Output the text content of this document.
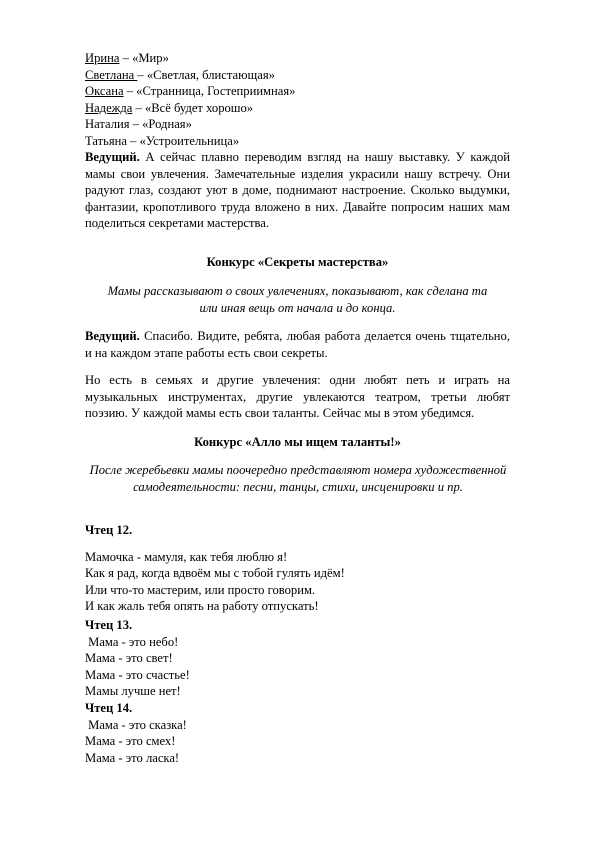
Ирина – «Мир»
Светлана – «Светлая, блистающая»
Оксана – «Странница, Гостеприимная»
Надежда – «Всё будет хорошо»
Наталия – «Родная»
Татьяна – «Устроительница»
Ведущий. А сейчас плавно переводим взгляд на нашу выставку. У каждой
мамы свои увлечения. Замечательные изделия украсили нашу встречу. Они
радуют глаз, создают уют в доме, поднимают настроение. Сколько выдумки,
фантазии, кропотливого труда вложено в них. Давайте попросим наших мам
поделиться секретами мастерства.
Конкурс «Секреты мастерства»
Мамы рассказывают о своих увлечениях, показывают, как сделана та или иная вещь от начала и до конца.
Ведущий. Спасибо. Видите, ребята, любая работа делается очень тщательно,
и на каждом этапе работы есть свои секреты.
Но есть в семьях и другие увлечения: одни любят петь и играть на
музыкальных инструментах, другие увлекаются театром, третьи любят
поэзию. У каждой мамы есть свои таланты. Сейчас мы в этом убедимся.
Конкурс «Алло мы ищем таланты!»
После жеребьевки мамы поочередно представляют номера художественной самодеятельности: песни, танцы, стихи, инсценировки и пр.
Чтец 12.
Мамочка - мамуля, как тебя люблю я!
Как я рад, когда вдвоём мы с тобой гулять идём!
Или что-то мастерим, или просто говорим.
И как жаль тебя опять на работу отпускать!
Чтец 13.
Мама - это небо!
Мама - это свет!
Мама - это счастье!
Мамы лучше нет!
Чтец 14.
Мама - это сказка!
Мама - это смех!
Мама - это ласка!
